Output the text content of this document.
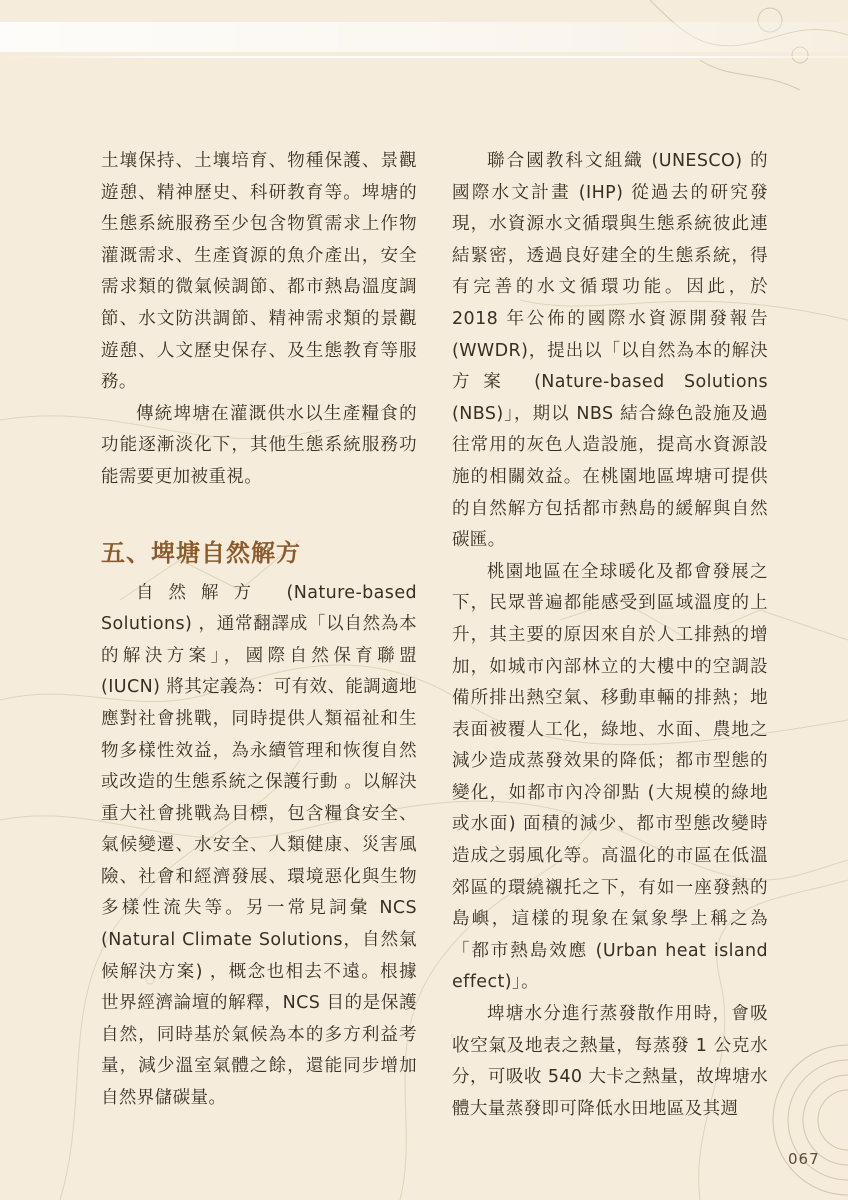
土壤保持、土壤培育、物種保護、景觀遊憩、精神歷史、科研教育等。埤塘的生態系統服務至少包含物質需求上作物灌溉需求、生產資源的魚介產出，安全需求類的微氣候調節、都市熱島溫度調節、水文防洪調節、精神需求類的景觀遊憩、人文歷史保存、及生態教育等服務。

傳統埤塘在灌溉供水以生產糧食的功能逐漸淡化下，其他生態系統服務功能需要更加被重視。

五、埤塘自然解方

自然解方 (Nature-based Solutions) ，通常翻譯成「以自然為本的解決方案」，國際自然保育聯盟 (IUCN) 將其定義為：可有效、能調適地應對社會挑戰，同時提供人類福祉和生物多樣性效益，為永續管理和恢復自然或改造的生態系統之保護行動 。以解決重大社會挑戰為目標，包含糧食安全、氣候變遷、水安全、人類健康、災害風險、社會和經濟發展、環境惡化與生物多樣性流失等。另一常見詞彙 NCS (Natural Climate Solutions，自然氣候解決方案) ，概念也相去不遠。根據世界經濟論壇的解釋，NCS 目的是保護自然，同時基於氣候為本的多方利益考量，減少溫室氣體之餘，還能同步增加自然界儲碳量。

聯合國教科文組織 (UNESCO) 的國際水文計畫 (IHP) 從過去的研究發現，水資源水文循環與生態系統彼此連結緊密，透過良好建全的生態系統，得有完善的水文循環功能。因此，於 2018 年公佈的國際水資源開發報告 (WWDR)，提出以「以自然為本的解決方案 (Nature-based Solutions (NBS)」，期以 NBS 結合綠色設施及過往常用的灰色人造設施，提高水資源設施的相關效益。在桃園地區埤塘可提供的自然解方包括都市熱島的緩解與自然碳匯。

桃園地區在全球暖化及都會發展之下，民眾普遍都能感受到區域溫度的上升，其主要的原因來自於人工排熱的增加，如城市內部林立的大樓中的空調設備所排出熱空氣、移動車輛的排熱；地表面被覆人工化，綠地、水面、農地之減少造成蒸發效果的降低；都市型態的變化，如都市內冷卻點 (大規模的綠地或水面) 面積的減少、都市型態改變時造成之弱風化等。高溫化的市區在低溫郊區的環繞襯托之下，有如一座發熱的島嶼，這樣的現象在氣象學上稱之為「都市熱島效應 (Urban heat island effect)」。

埤塘水分進行蒸發散作用時，會吸收空氣及地表之熱量，每蒸發 1 公克水分，可吸收 540 大卡之熱量，故埤塘水體大量蒸發即可降低水田地區及其週

067
